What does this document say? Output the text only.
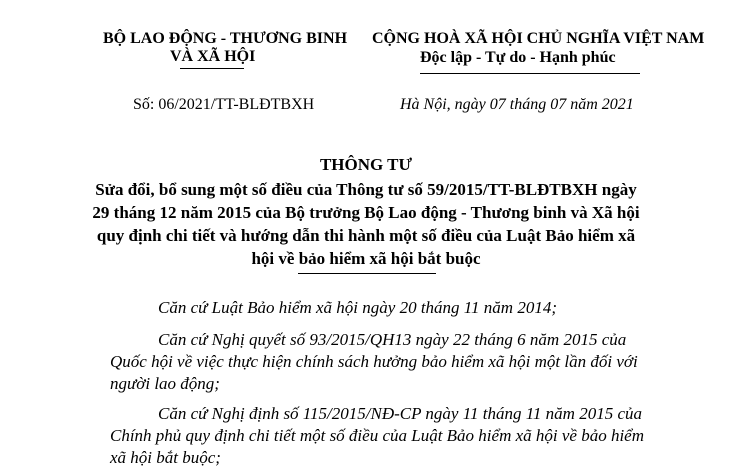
BỘ LAO ĐỘNG - THƯƠNG BINH
VÀ XÃ HỘI
Số: 06/2021/TT-BLĐTBXH
CỘNG HOÀ XÃ HỘI CHỦ NGHĨA VIỆT NAM
Độc lập - Tự do - Hạnh phúc
Hà Nội, ngày 07 tháng 07 năm 2021
THÔNG TƯ
Sửa đổi, bổ sung một số điều của Thông tư số 59/2015/TT-BLĐTBXH ngày
29 tháng 12 năm 2015 của Bộ trưởng Bộ Lao động - Thương binh và Xã hội
quy định chi tiết và hướng dẫn thi hành một số điều của Luật Bảo hiểm xã
hội về bảo hiểm xã hội bắt buộc
Căn cứ Luật Bảo hiểm xã hội ngày 20 tháng 11 năm 2014;
Căn cứ Nghị quyết số 93/2015/QH13 ngày 22 tháng 6 năm 2015 của
Quốc hội về việc thực hiện chính sách hưởng bảo hiểm xã hội một lần đối với
người lao động;
Căn cứ Nghị định số 115/2015/NĐ-CP ngày 11 tháng 11 năm 2015 của
Chính phủ quy định chi tiết một số điều của Luật Bảo hiểm xã hội về bảo hiểm
xã hội bắt buộc;
